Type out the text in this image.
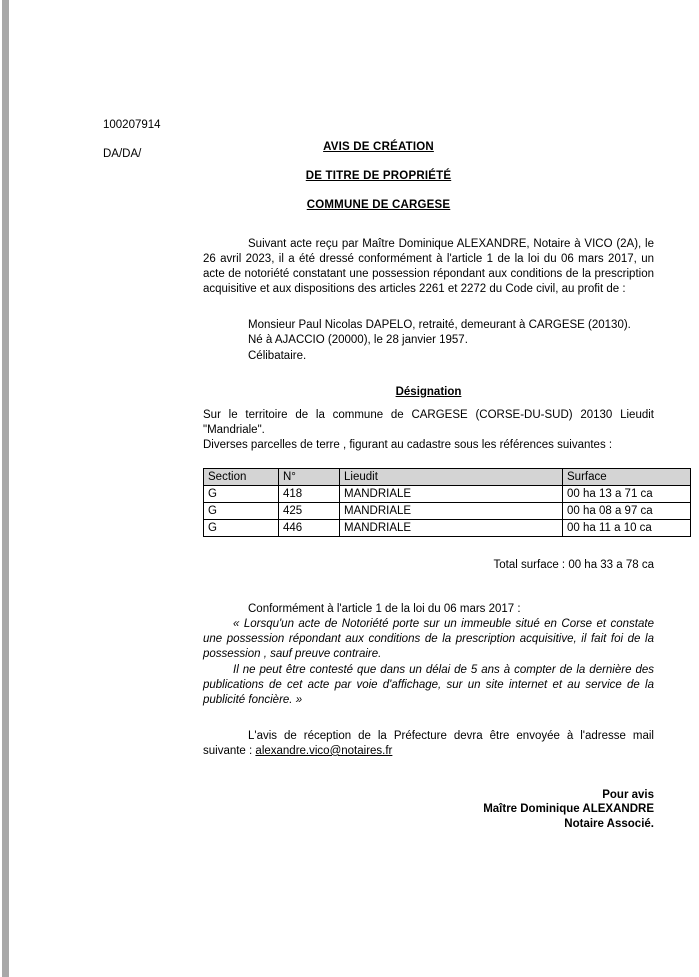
100207914

DA/DA/

AVIS DE CRÉATION
DE TITRE DE PROPRIÉTÉ
COMMUNE DE CARGESE

Suivant acte reçu par Maître Dominique ALEXANDRE, Notaire à VICO (2A), le 26 avril 2023, il a été dressé conformément à l'article 1 de la loi du 06 mars 2017, un acte de notoriété constatant une possession répondant aux conditions de la prescription acquisitive et aux dispositions des articles 2261 et 2272 du Code civil, au profit de :

Monsieur Paul Nicolas DAPELO, retraité, demeurant à CARGESE (20130).
Né à AJACCIO (20000), le 28 janvier 1957.
Célibataire.

Désignation

Sur le territoire de la commune de CARGESE (CORSE-DU-SUD) 20130 Lieudit "Mandriale".

Diverses parcelles de terre , figurant au cadastre sous les références suivantes :

Section	N°	Lieudit	Surface
G	418	MANDRIALE	00 ha 13 a 71 ca
G	425	MANDRIALE	00 ha 08 a 97 ca
G	446	MANDRIALE	00 ha 11 a 10 ca

Total surface : 00 ha 33 a 78 ca

Conformément à l'article 1 de la loi du 06 mars 2017 :

« Lorsqu'un acte de Notoriété porte sur un immeuble situé en Corse et constate une possession répondant aux conditions de la prescription acquisitive, il fait foi de la possession , sauf preuve contraire.

Il ne peut être contesté que dans un délai de 5 ans à compter de la dernière des publications de cet acte par voie d'affichage, sur un site internet et au service de la publicité foncière. »

L'avis de réception de la Préfecture devra être envoyée à l'adresse mail suivante : alexandre.vico@notaires.fr

Pour avis
Maître Dominique ALEXANDRE
Notaire Associé.
